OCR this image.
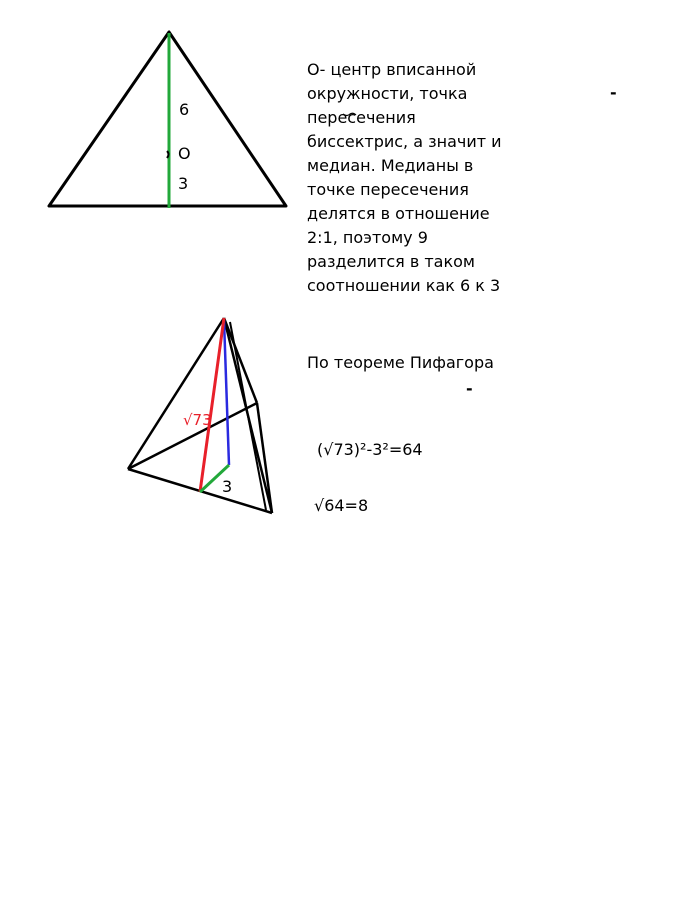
6
O
3
О- центр вписанной окружности, точка пересечения биссектрис, а значит и медиан. Медианы в точке пересечения делятся в отношение 2:1, поэтому 9 разделится в таком соотношении как 6 к 3
-
√73
3
По теореме Пифагора
-
(√73)²-3²=64
√64=8
